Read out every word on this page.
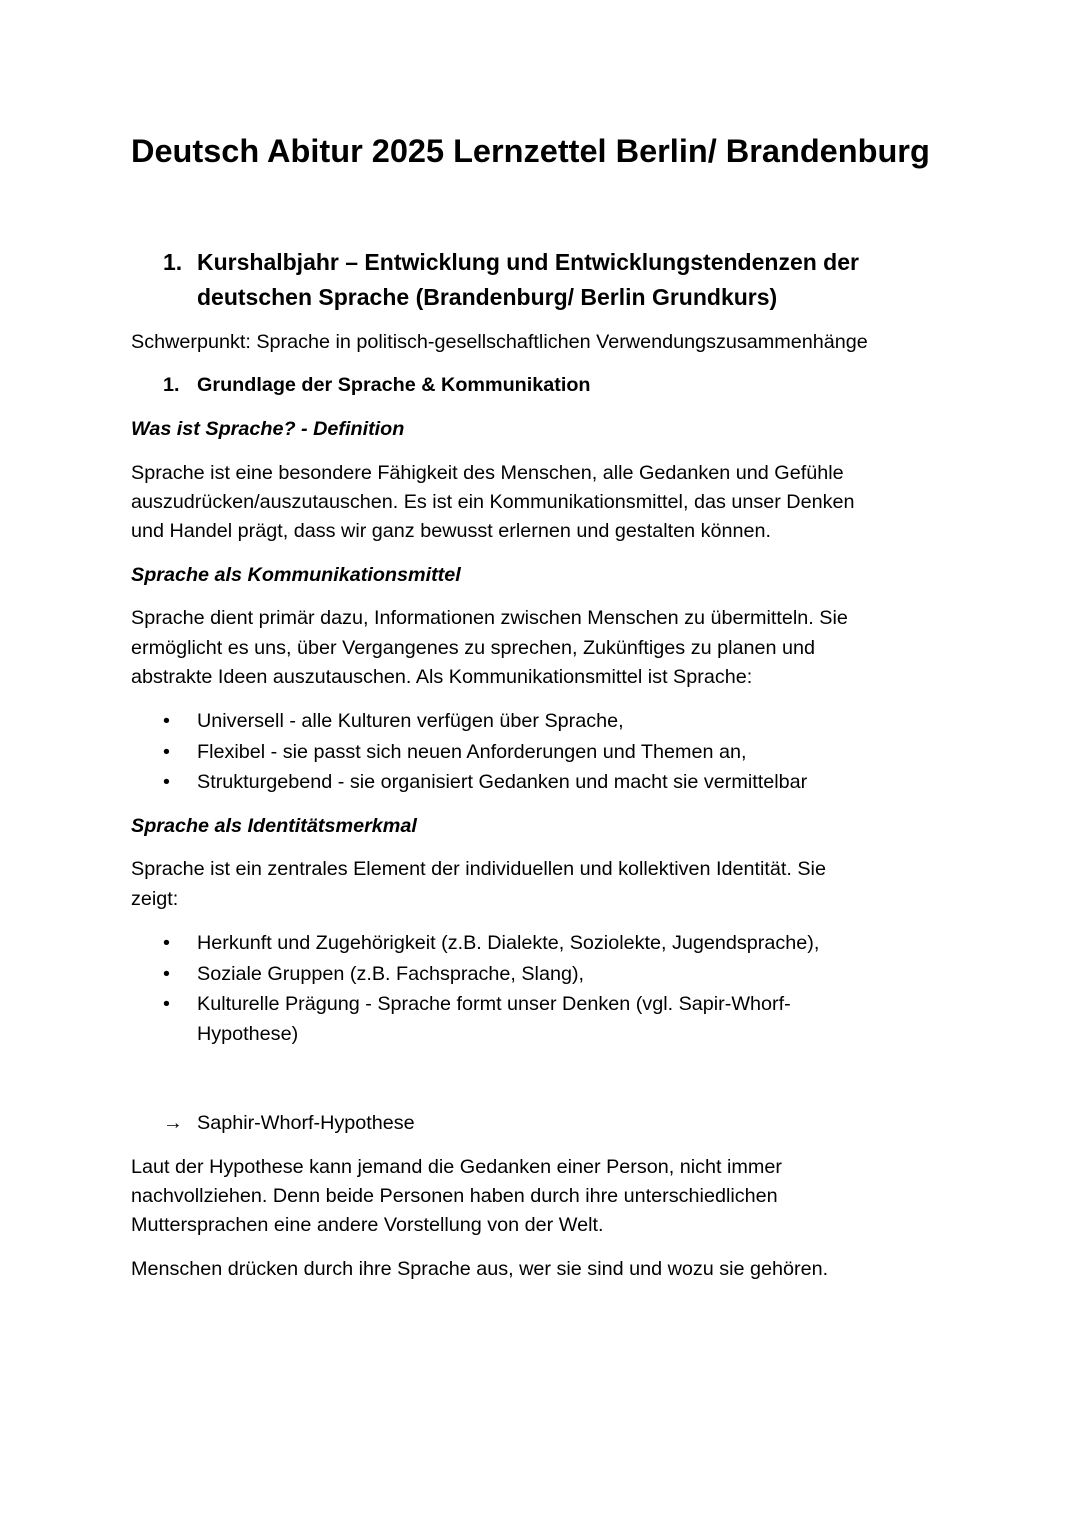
Deutsch Abitur 2025 Lernzettel Berlin/ Brandenburg
1. Kurshalbjahr – Entwicklung und Entwicklungstendenzen der
deutschen Sprache (Brandenburg/ Berlin Grundkurs)
Schwerpunkt: Sprache in politisch-gesellschaftlichen Verwendungszusammenhänge
1. Grundlage der Sprache & Kommunikation
Was ist Sprache? - Definition
Sprache ist eine besondere Fähigkeit des Menschen, alle Gedanken und Gefühle
auszudrücken/auszutauschen. Es ist ein Kommunikationsmittel, das unser Denken
und Handel prägt, dass wir ganz bewusst erlernen und gestalten können.
Sprache als Kommunikationsmittel
Sprache dient primär dazu, Informationen zwischen Menschen zu übermitteln. Sie
ermöglicht es uns, über Vergangenes zu sprechen, Zukünftiges zu planen und
abstrakte Ideen auszutauschen. Als Kommunikationsmittel ist Sprache:
• Universell - alle Kulturen verfügen über Sprache,
• Flexibel - sie passt sich neuen Anforderungen und Themen an,
• Strukturgebend - sie organisiert Gedanken und macht sie vermittelbar
Sprache als Identitätsmerkmal
Sprache ist ein zentrales Element der individuellen und kollektiven Identität. Sie
zeigt:
• Herkunft und Zugehörigkeit (z.B. Dialekte, Soziolekte, Jugendsprache),
• Soziale Gruppen (z.B. Fachsprache, Slang),
• Kulturelle Prägung - Sprache formt unser Denken (vgl. Sapir-Whorf-
Hypothese)
→ Saphir-Whorf-Hypothese
Laut der Hypothese kann jemand die Gedanken einer Person, nicht immer
nachvollziehen. Denn beide Personen haben durch ihre unterschiedlichen
Muttersprachen eine andere Vorstellung von der Welt.
Menschen drücken durch ihre Sprache aus, wer sie sind und wozu sie gehören.
